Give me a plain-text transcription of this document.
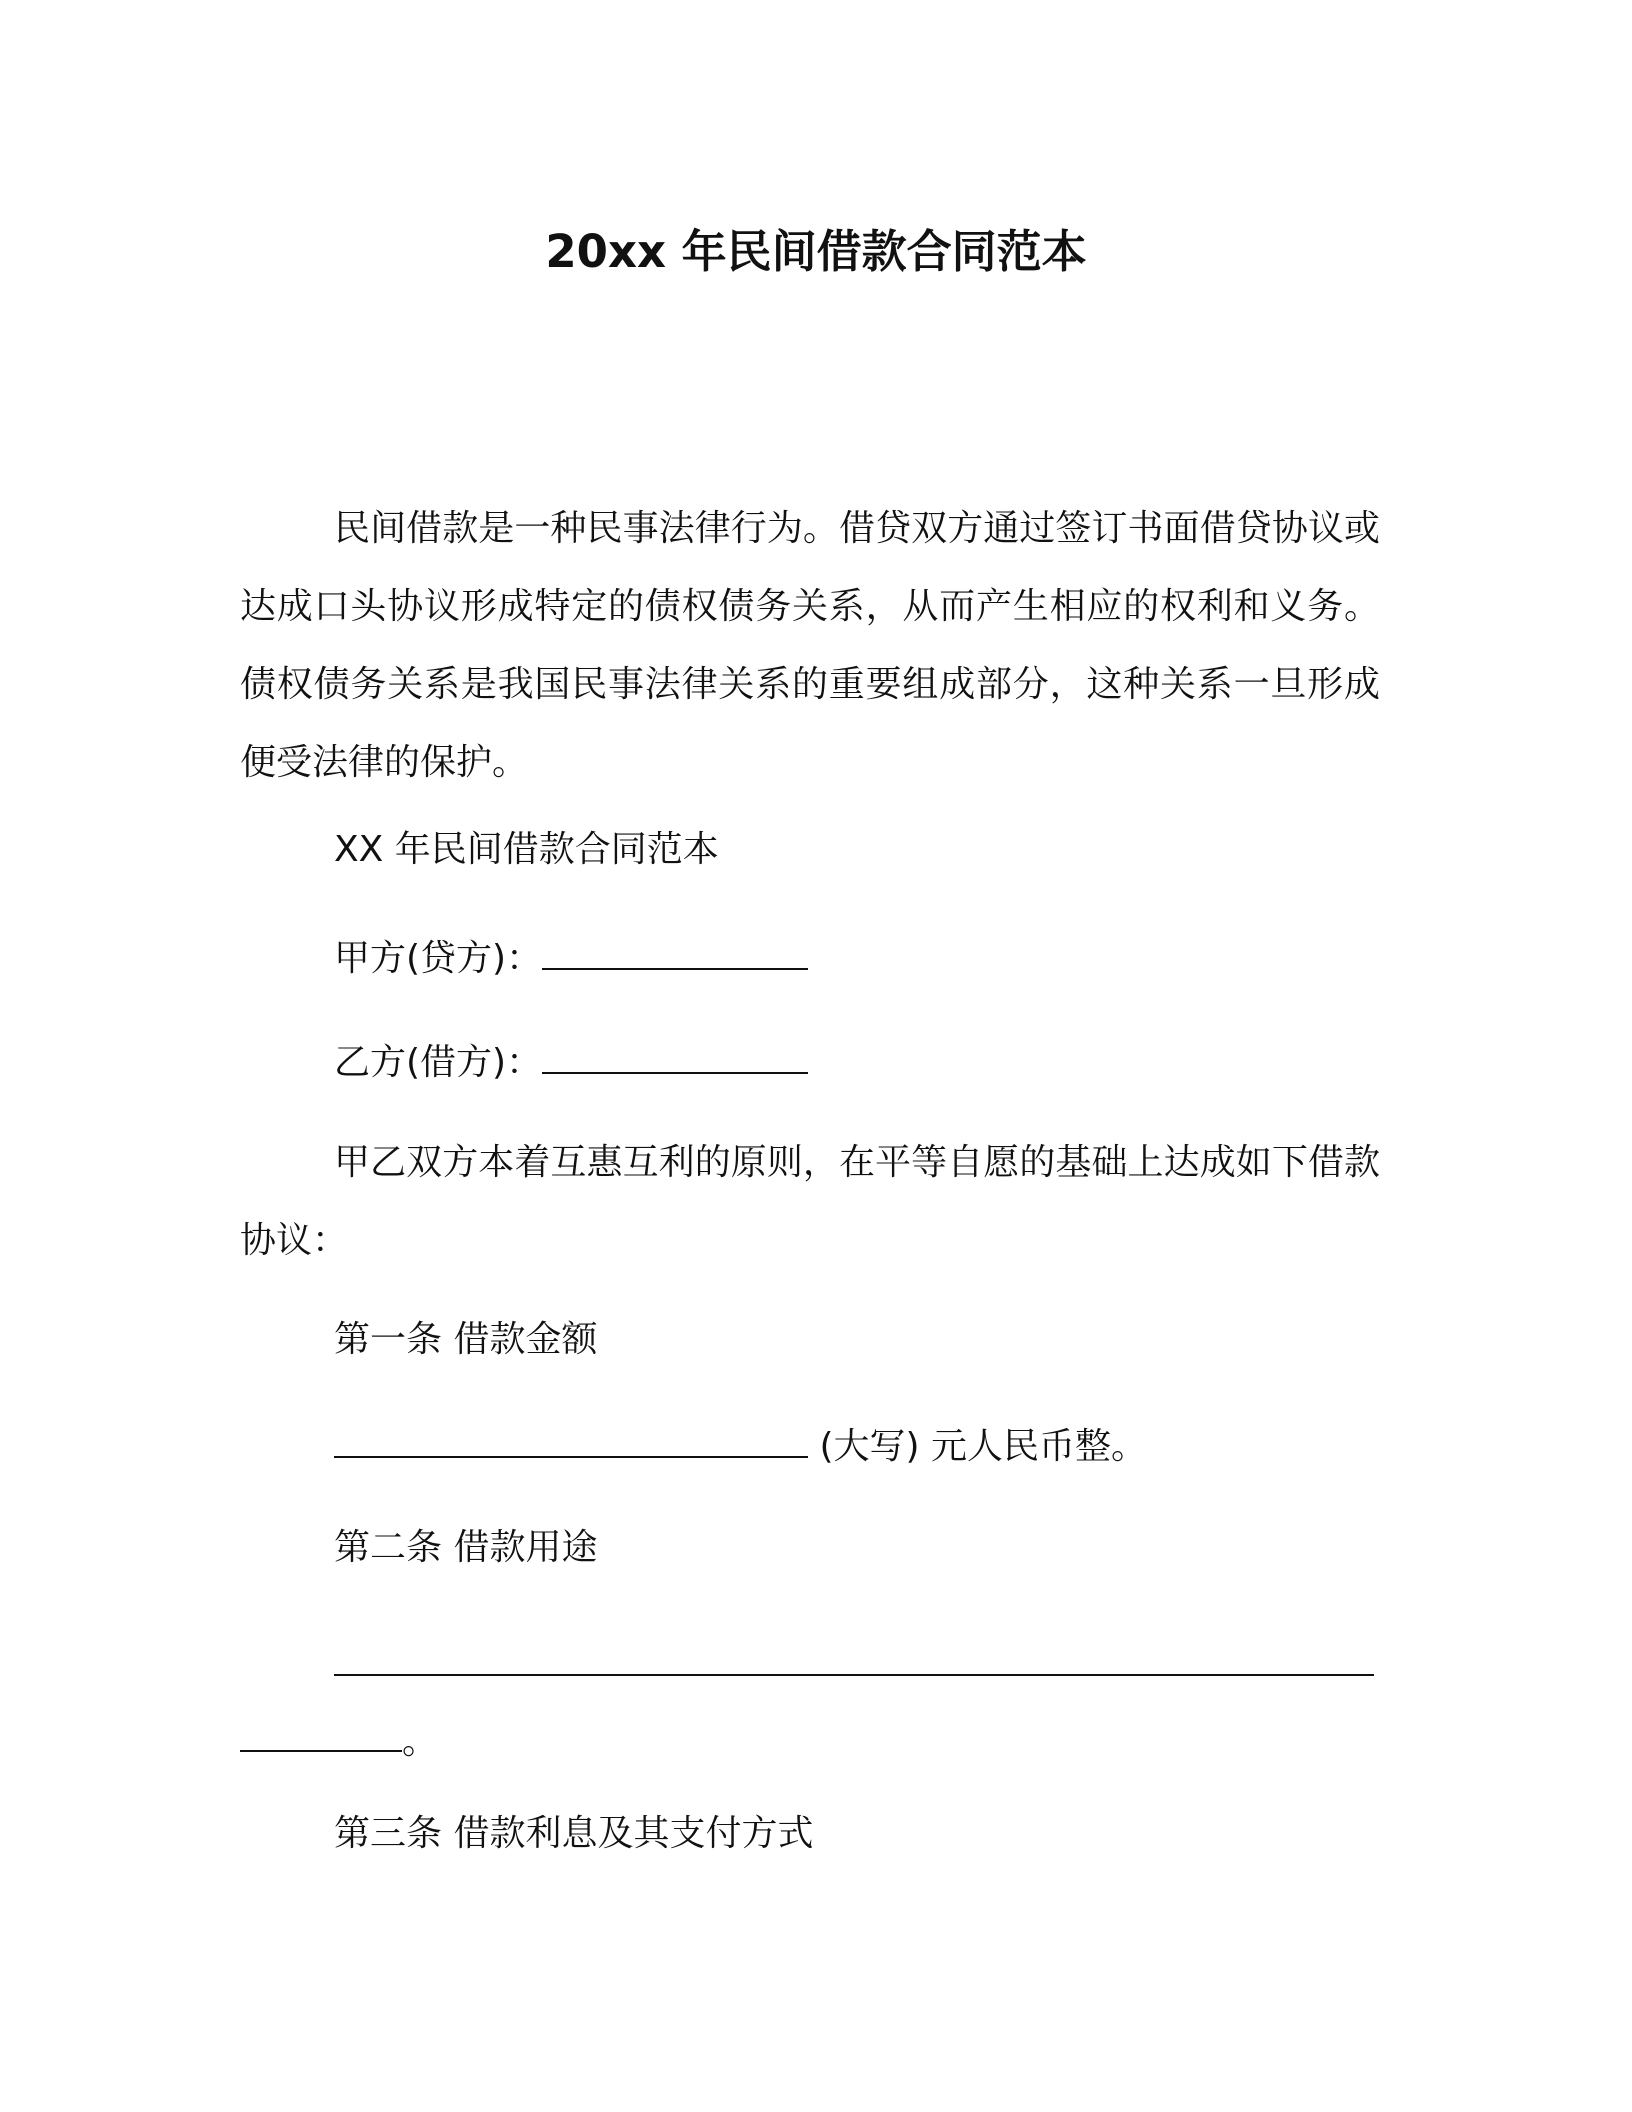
20xx 年民间借款合同范本
民间借款是一种民事法律行为。借贷双方通过签订书面借贷协议或达成口头协议形成特定的债权债务关系，从而产生相应的权利和义务。债权债务关系是我国民事法律关系的重要组成部分，这种关系一旦形成便受法律的保护。
XX 年民间借款合同范本
甲方(贷方)：
乙方(借方)：
甲乙双方本着互惠互利的原则，在平等自愿的基础上达成如下借款协议：
第一条 借款金额
(大写) 元人民币整。
第二条 借款用途
。
第三条 借款利息及其支付方式
